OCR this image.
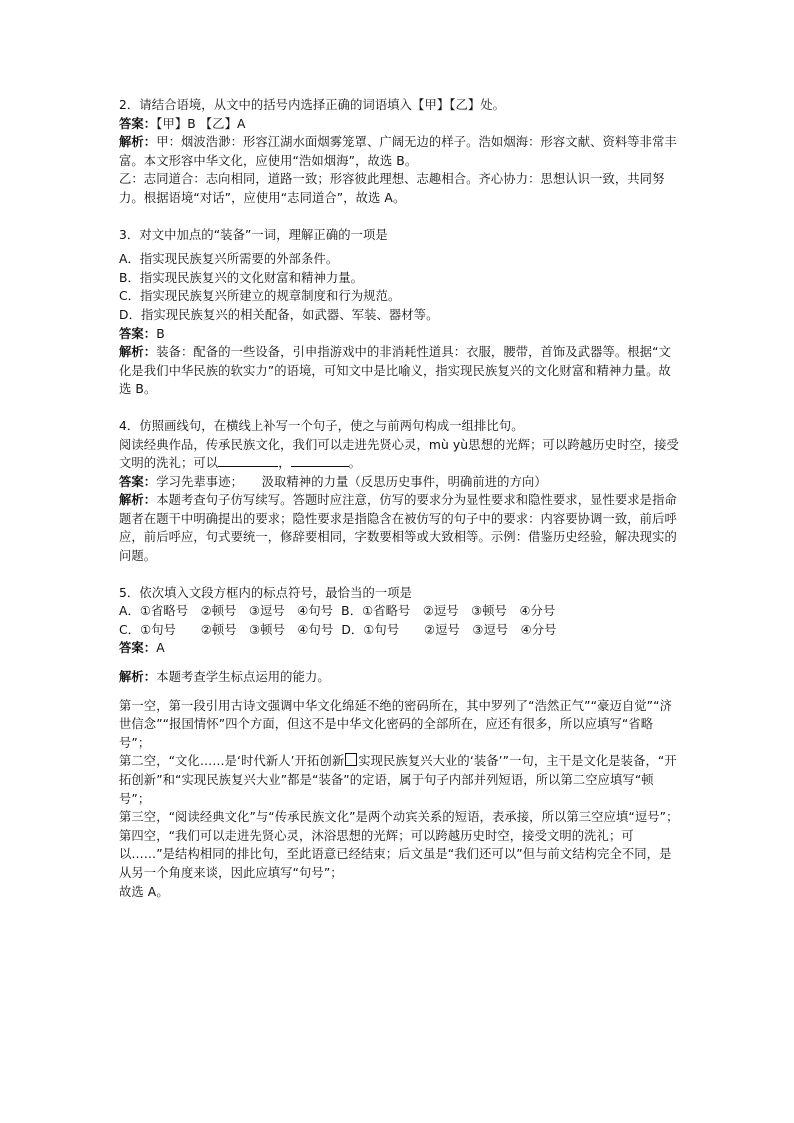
2．请结合语境，从文中的括号内选择正确的词语填入【甲】【乙】处。

答案：【甲】B 【乙】A

解析：甲：烟波浩渺：形容江湖水面烟雾笼罩、广阔无边的样子。浩如烟海：形容文献、资料等非常丰富。本文形容中华文化，应使用“浩如烟海”，故选 B。

乙：志同道合：志向相同，道路一致；形容彼此理想、志趣相合。齐心协力：思想认识一致，共同努力。根据语境“对话”，应使用“志同道合”，故选 A。

3．对文中加点的“装备”一词，理解正确的一项是

A．指实现民族复兴所需要的外部条件。

B．指实现民族复兴的文化财富和精神力量。

C．指实现民族复兴所建立的规章制度和行为规范。

D．指实现民族复兴的相关配备，如武器、军装、器材等。

答案：B

解析：装备：配备的一些设备，引申指游戏中的非消耗性道具：衣服，腰带，首饰及武器等。根据“文化是我们中华民族的软实力”的语境，可知文中是比喻义，指实现民族复兴的文化财富和精神力量。故选 B。

4．仿照画线句，在横线上补写一个句子，使之与前两句构成一组排比句。

阅读经典作品，传承民族文化，我们可以走进先贤心灵，mù yù思想的光辉；可以跨越历史时空，接受文明的洗礼；可以	，	。

答案：学习先辈事迹；　　汲取精神的力量（反思历史事件，明确前进的方向）

解析：本题考查句子仿写续写。答题时应注意，仿写的要求分为显性要求和隐性要求，显性要求是指命题者在题干中明确提出的要求；隐性要求是指隐含在被仿写的句子中的要求：内容要协调一致，前后呼应，前后呼应，句式要统一，修辞要相同，字数要相等或大致相等。示例：借鉴历史经验，解决现实的问题。

5．依次填入文段方框内的标点符号，最恰当的一项是

A．①省略号　②顿号　③逗号　④句号 B．①省略号　②逗号　③顿号　④分号

C．①句号　　②顿号　③顿号　④句号 D．①句号　　②逗号　③逗号　④分号

答案：A

解析：本题考查学生标点运用的能力。

第一空，第一段引用古诗文强调中华文化绵延不绝的密码所在，其中罗列了“浩然正气”“豪迈自觉”“济世信念”“报国情怀”四个方面，但这不是中华文化密码的全部所在，应还有很多，所以应填写“省略号”；

第二空，“文化……是‘时代新人’开拓创新 实现民族复兴大业的‘装备’”一句，主干是文化是装备，“开拓创新”和“实现民族复兴大业”都是“装备”的定语，属于句子内部并列短语，所以第二空应填写“顿号”；

第三空，“阅读经典文化”与“传承民族文化”是两个动宾关系的短语，表承接，所以第三空应填“逗号”；

第四空，“我们可以走进先贤心灵，沐浴思想的光辉；可以跨越历史时空，接受文明的洗礼；可以……”是结构相同的排比句，至此语意已经结束；后文虽是“我们还可以”但与前文结构完全不同，是从另一个角度来谈，因此应填写“句号”；

故选 A。
